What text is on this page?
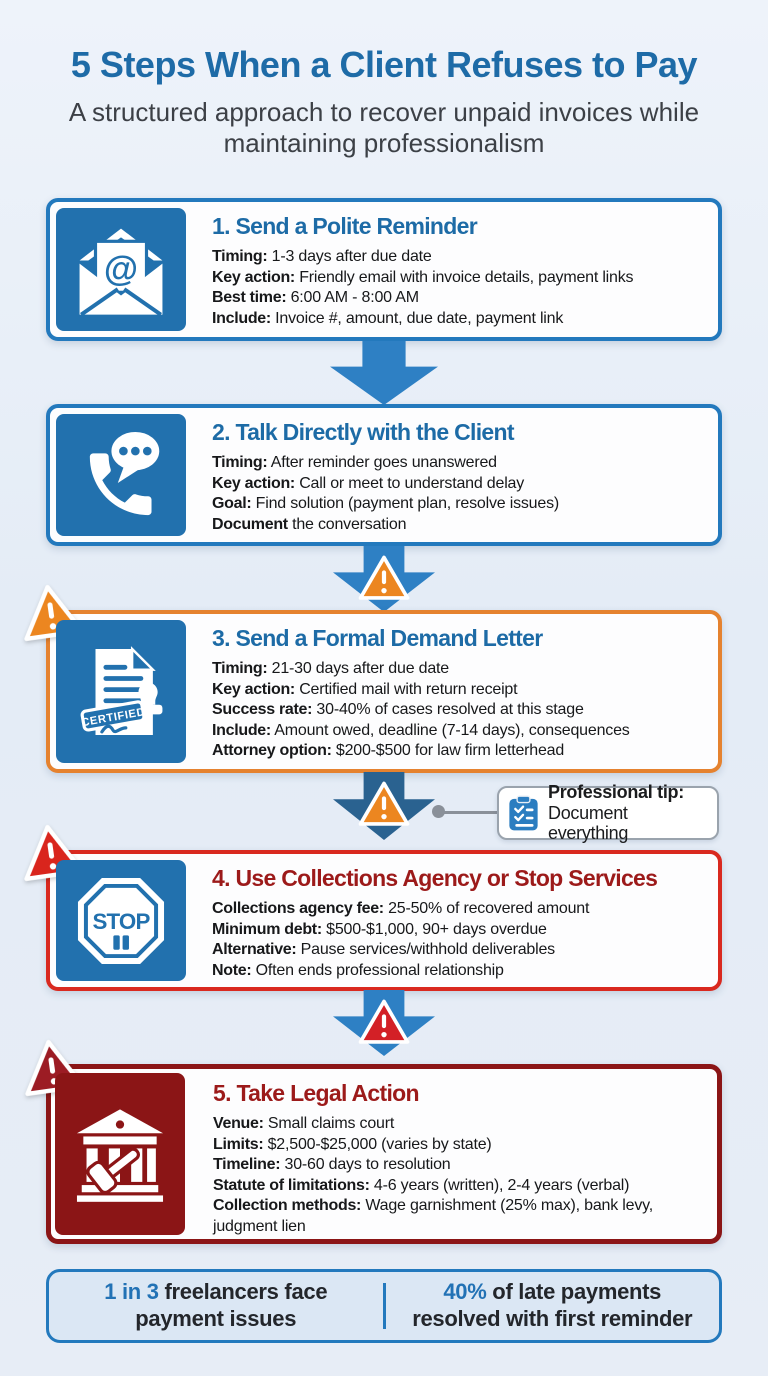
5 Steps When a Client Refuses to Pay

A structured approach to recover unpaid invoices while maintaining professionalism

@
1. Send a Polite Reminder

Timing: 1-3 days after due date

Key action: Friendly email with invoice details, payment links

Best time: 6:00 AM - 8:00 AM

Include: Invoice #, amount, due date, payment link

2. Talk Directly with the Client

Timing: After reminder goes unanswered

Key action: Call or meet to understand delay

Goal: Find solution (payment plan, resolve issues)

Document the conversation

CERTIFIED
3. Send a Formal Demand Letter

Timing: 21-30 days after due date

Key action: Certified mail with return receipt

Success rate: 30-40% of cases resolved at this stage

Include: Amount owed, deadline (7-14 days), consequences

Attorney option: $200-$500 for law firm letterhead

Professional tip:
Document everything
STOP
4. Use Collections Agency or Stop Services

Collections agency fee: 25-50% of recovered amount

Minimum debt: $500-$1,000, 90+ days overdue

Alternative: Pause services/withhold deliverables

Note: Often ends professional relationship

5. Take Legal Action

Venue: Small claims court

Limits: $2,500-$25,000 (varies by state)

Timeline: 30-60 days to resolution

Statute of limitations: 4-6 years (written), 2-4 years (verbal)

Collection methods: Wage garnishment (25% max), bank levy, judgment lien

1 in 3 freelancers face
payment issues
40% of late payments
resolved with first reminder
